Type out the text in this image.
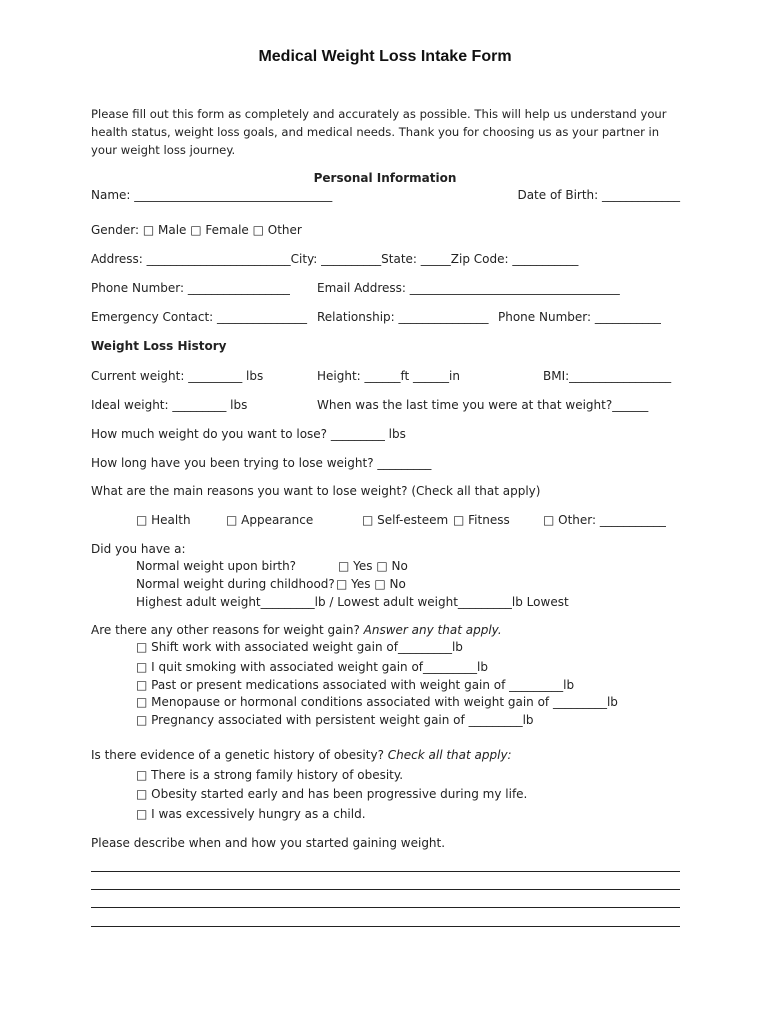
Medical Weight Loss Intake Form
Please fill out this form as completely and accurately as possible. This will help us understand your health status, weight loss goals, and medical needs. Thank you for choosing us as your partner in your weight loss journey.
Personal Information
Name: _________________________________	Date of Birth: _____________
Gender: □ Male □ Female □ Other
Address: ________________________City: __________State: _____Zip Code: ___________
Phone Number: _________________ Email Address: ___________________________________
Emergency Contact: _______________ Relationship: _______________ Phone Number: ___________
Weight Loss History
Current weight: _________ lbs	Height: ______ft ______in	BMI:_________________
Ideal weight: _________ lbs	When was the last time you were at that weight?______
How much weight do you want to lose? _________ lbs
How long have you been trying to lose weight? _________
What are the main reasons you want to lose weight? (Check all that apply)
□ Health	□ Appearance	□ Self-esteem □ Fitness	□ Other: ___________
Did you have a:
Normal weight upon birth?	□ Yes □ No
Normal weight during childhood? □ Yes □ No
Highest adult weight_________lb / Lowest adult weight_________lb Lowest
Are there any other reasons for weight gain? Answer any that apply.
□ Shift work with associated weight gain of_________lb
□ I quit smoking with associated weight gain of_________lb
□ Past or present medications associated with weight gain of _________lb
□ Menopause or hormonal conditions associated with weight gain of _________lb
□ Pregnancy associated with persistent weight gain of _________lb
Is there evidence of a genetic history of obesity? Check all that apply:
□ There is a strong family history of obesity.
□ Obesity started early and has been progressive during my life.
□ I was excessively hungry as a child.
Please describe when and how you started gaining weight.
